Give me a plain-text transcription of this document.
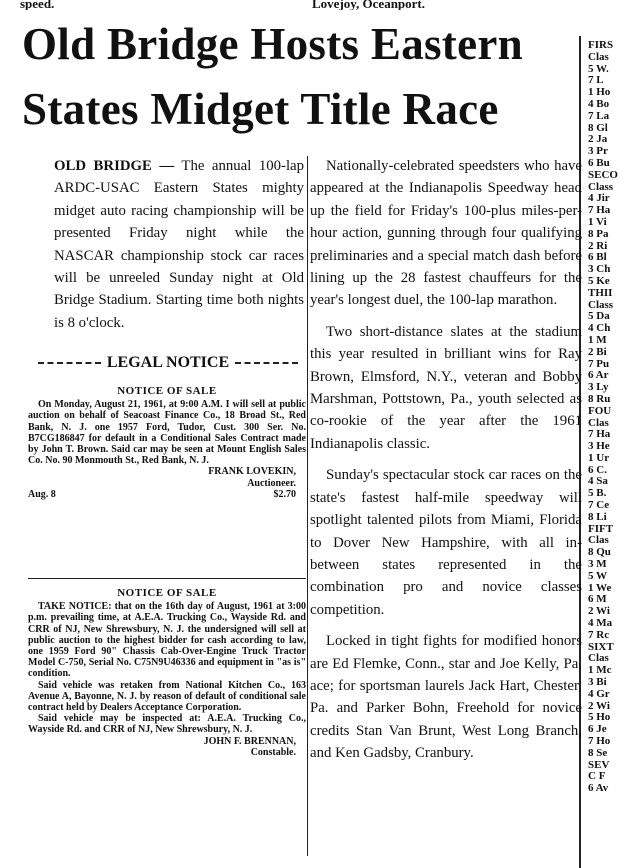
speed.	Lovejoy, Oceanport.
Old Bridge Hosts Eastern States Midget Title Race

OLD BRIDGE — The annual 100-lap ARDC-USAC Eastern States mighty midget auto racing championship will be presented Friday night while the NASCAR championship stock car races will be unreeled Sunday night at Old Bridge Stadium. Starting time both nights is 8 o'clock.

LEGAL NOTICE
NOTICE OF SALE

On Monday, August 21, 1961, at 9:00 A.M. I will sell at public auction on behalf of Seacoast Finance Co., 18 Broad St., Red Bank, N. J. one 1957 Ford, Tudor, Cust. 300 Ser. No. B7CG186847 for default in a Conditional Sales Contract made by John T. Brown. Said car may be seen at Mount English Sales Co. No. 90 Monmouth St., Red Bank, N. J.

FRANK LOVEKIN,
Auctioneer.
Aug. 8	$2.70
NOTICE OF SALE

TAKE NOTICE: that on the 16th day of August, 1961 at 3:00 p.m. prevailing time, at A.E.A. Trucking Co., Wayside Rd. and CRR of NJ, New Shrewsbury, N. J. the undersigned will sell at public auction to the highest bidder for cash according to law, one 1959 Ford 90" Chassis Cab-Over-Engine Truck Tractor Model C-750, Serial No. C75N9U46336 and equipment in "as is" condition.

Said vehicle was retaken from National Kitchen Co., 163 Avenue A, Bayonne, N. J. by reason of default of conditional sale contract held by Dealers Acceptance Corporation.

Said vehicle may be inspected at: A.E.A. Trucking Co., Wayside Rd. and CRR of NJ, New Shrewsbury, N. J.

JOHN F. BRENNAN,
Constable.

Nationally-celebrated speedsters who have appeared at the Indianapolis Speedway head up the field for Friday's 100-plus miles-per-hour action, gunning through four qualifying preliminaries and a special match dash before lining up the 28 fastest chauffeurs for the year's longest duel, the 100-lap marathon.

Two short-distance slates at the stadium this year resulted in brilliant wins for Ray Brown, Elmsford, N.Y., veteran and Bobby Marshman, Pottstown, Pa., youth selected as co-rookie of the year after the 1961 Indianapolis classic.

Sunday's spectacular stock car races on the state's fastest half-mile speedway will spotlight talented pilots from Miami, Florida to Dover New Hampshire, with all in-between states represented in the combination pro and novice classes competition.

Locked in tight fights for modified honors are Ed Flemke, Conn., star and Joe Kelly, Pa. ace; for sportsman laurels Jack Hart, Chester, Pa. and Parker Bohn, Freehold for novice credits Stan Van Brunt, West Long Branch, and Ken Gadsby, Cranbury.

FIRS
Clas
5 W.
7 L
1 Ho
4 Bo
7 La
8 Gl
2 Ja
3 Pr
6 Bu
SECO
Class
4 Jir
7 Ha
1 Vi
8 Pa
2 Ri
6 Bl
3 Ch
5 Ke
THII
Class
5 Da
4 Ch
1 M
2 Bi
7 Pu
6 Ar
3 Ly
8 Ru
FOU
Clas
7 Ha
3 He
1 Ur
6 C.
4 Sa
5 B.
7 Ce
8 Li
FIFT
Clas
8 Qu
3 M
5 W
1 We
6 M
2 Wi
4 Ma
7 Rc
SIXT
Clas
1 Mc
3 Bi
4 Gr
2 Wi
5 Ho
6 Je
7 Ho
8 Se
SEV
C F
6 Av
